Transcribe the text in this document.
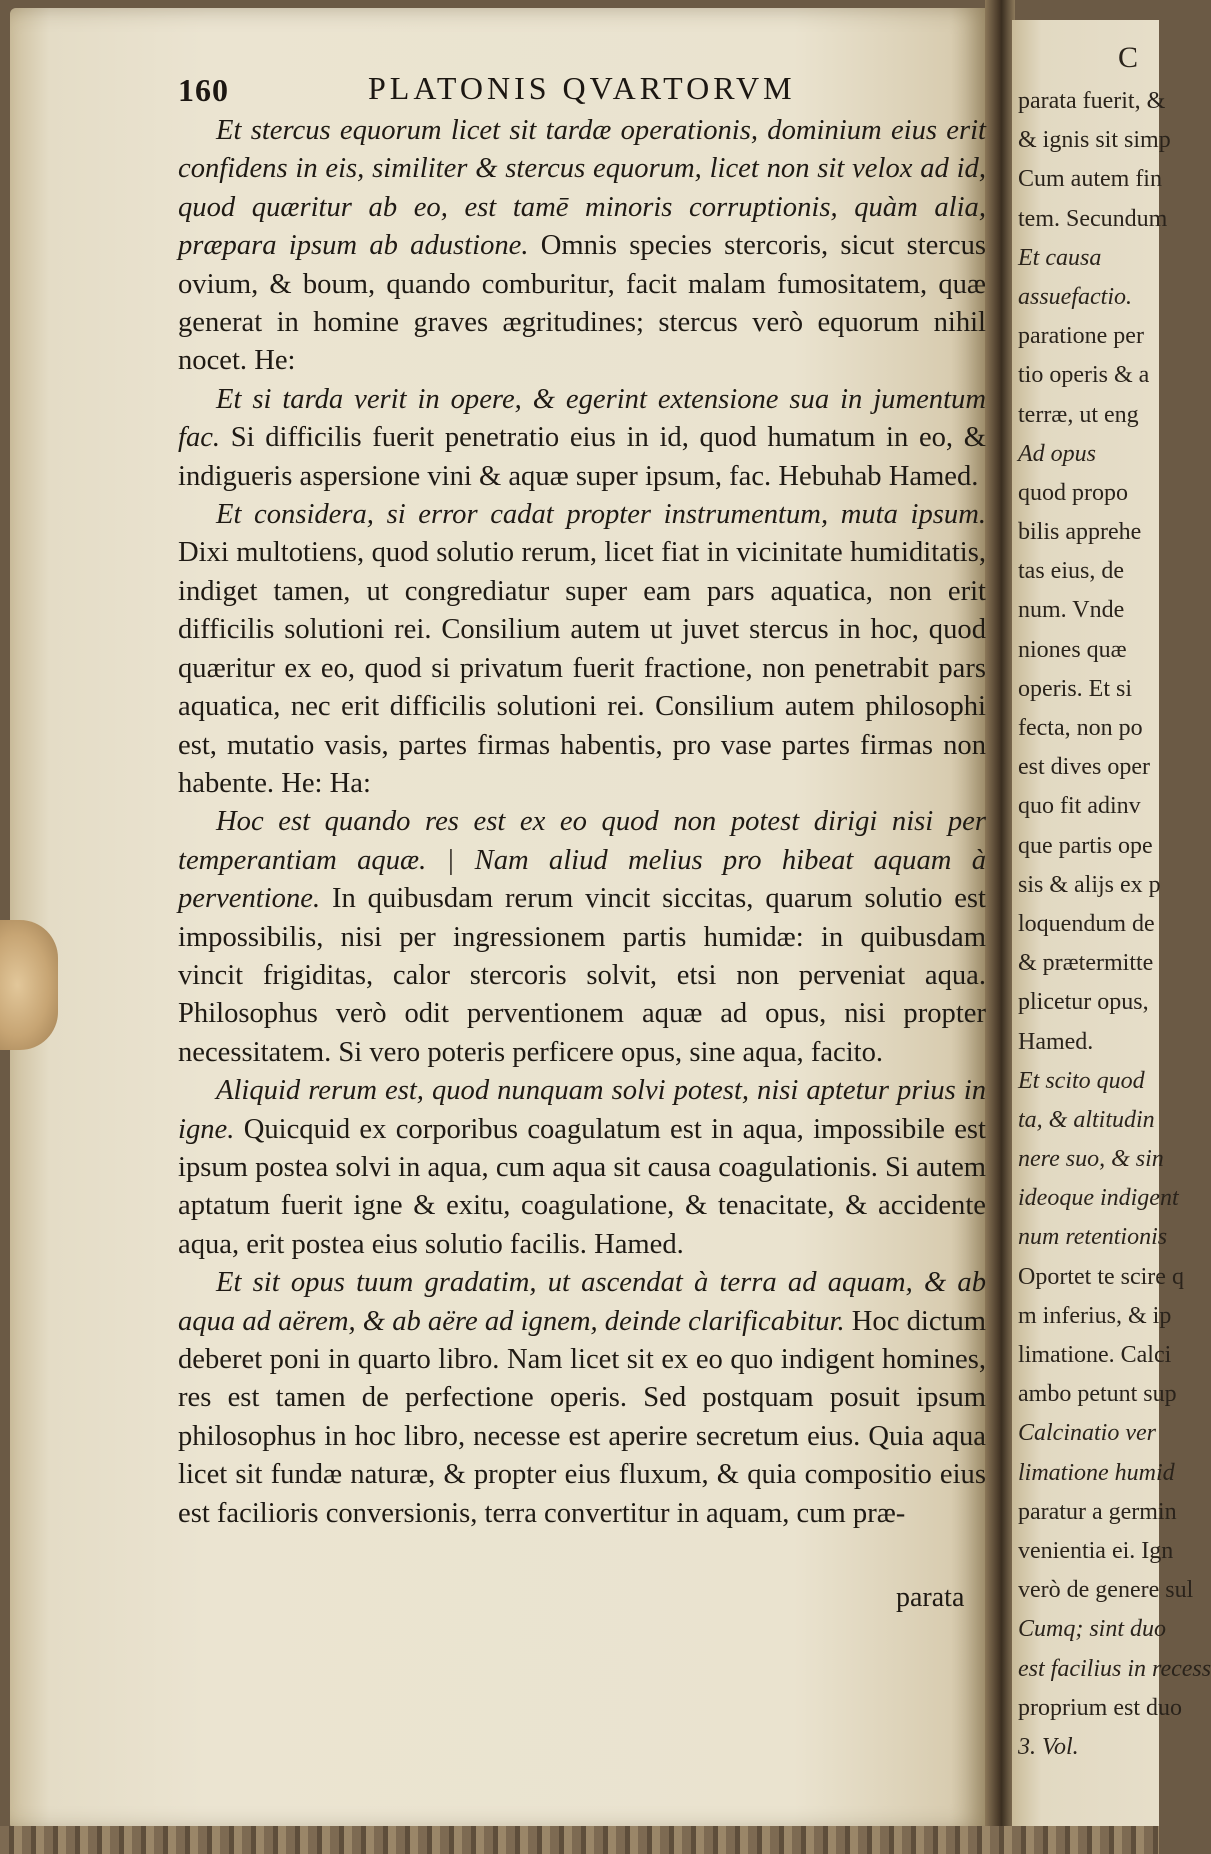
160	PLATONIS QVARTORVM

Et stercus equorum licet sit tardæ operationis, dominium eius erit confidens in eis, similiter & stercus equorum, licet non sit velox ad id, quod quæritur ab eo, est tamē minoris corruptionis, quàm alia, præpara ipsum ab adustione. Omnis species stercoris, sicut stercus ovium, & boum, quando comburitur, facit malam fumositatem, quæ generat in homine graves ægritudines; stercus verò equorum nihil nocet. He:

Et si tarda verit in opere, & egerint extensione sua in jumentum fac. Si difficilis fuerit penetratio eius in id, quod humatum in eo, & indigueris aspersione vini & aquæ super ipsum, fac. Hebuhab Hamed.

Et considera, si error cadat propter instrumentum, muta ipsum. Dixi multotiens, quod solutio rerum, licet fiat in vicinitate humiditatis, indiget tamen, ut congrediatur super eam pars aquatica, non erit difficilis solutioni rei. Consilium autem ut juvet stercus in hoc, quod quæritur ex eo, quod si privatum fuerit fractione, non penetrabit pars aquatica, nec erit difficilis solutioni rei. Consilium autem philosophi est, mutatio vasis, partes firmas habentis, pro vase partes firmas non habente. He: Ha:

Hoc est quando res est ex eo quod non potest dirigi nisi per temperantiam aquæ. | Nam aliud melius pro hibeat aquam à perventione. In quibusdam rerum vincit siccitas, quarum solutio est impossibilis, nisi per ingressionem partis humidæ: in quibusdam vincit frigiditas, calor stercoris solvit, etsi non perveniat aqua. Philosophus verò odit perventionem aquæ ad opus, nisi propter necessitatem. Si vero poteris perficere opus, sine aqua, facito.

Aliquid rerum est, quod nunquam solvi potest, nisi aptetur prius in igne. Quicquid ex corporibus coagulatum est in aqua, impossibile est ipsum postea solvi in aqua, cum aqua sit causa coagulationis. Si autem aptatum fuerit igne & exitu, coagulatione, & tenacitate, & accidente aqua, erit postea eius solutio facilis. Hamed.

Et sit opus tuum gradatim, ut ascendat à terra ad aquam, & ab aqua ad aërem, & ab aëre ad ignem, deinde clarificabitur. Hoc dictum deberet poni in quarto libro. Nam licet sit ex eo quo indigent homines, res est tamen de perfectione operis. Sed postquam posuit ipsum philosophus in hoc libro, necesse est aperire secretum eius. Quia aqua licet sit fundæ naturæ, & propter eius fluxum, & quia compositio eius est facilioris conversionis, terra convertitur in aquam, cum præ-

parata
C
parata fuerit, &
& ignis sit simp
Cum autem fin
tem. Secundum
Et causa
assuefactio.
paratione per
tio operis & a
terræ, ut eng
Ad opus
quod propo
bilis apprehe
tas eius, de
num. Vnde
niones quæ
operis. Et si
fecta, non po
est dives oper
quo fit adinv
que partis ope
sis & alijs ex p
loquendum de
& prætermitte
plicetur opus,
Hamed.
Et scito quod
ta, & altitudin
nere suo, & sin
ideoque indigent
num retentionis
Oportet te scire q
m inferius, & ip
limatione. Calci
ambo petunt sup
Calcinatio ver
limatione humid
paratur a germin
venientia ei. Ign
verò de genere sul
Cumq; sint duo
est facilius in recess
proprium est duo
3. Vol.
